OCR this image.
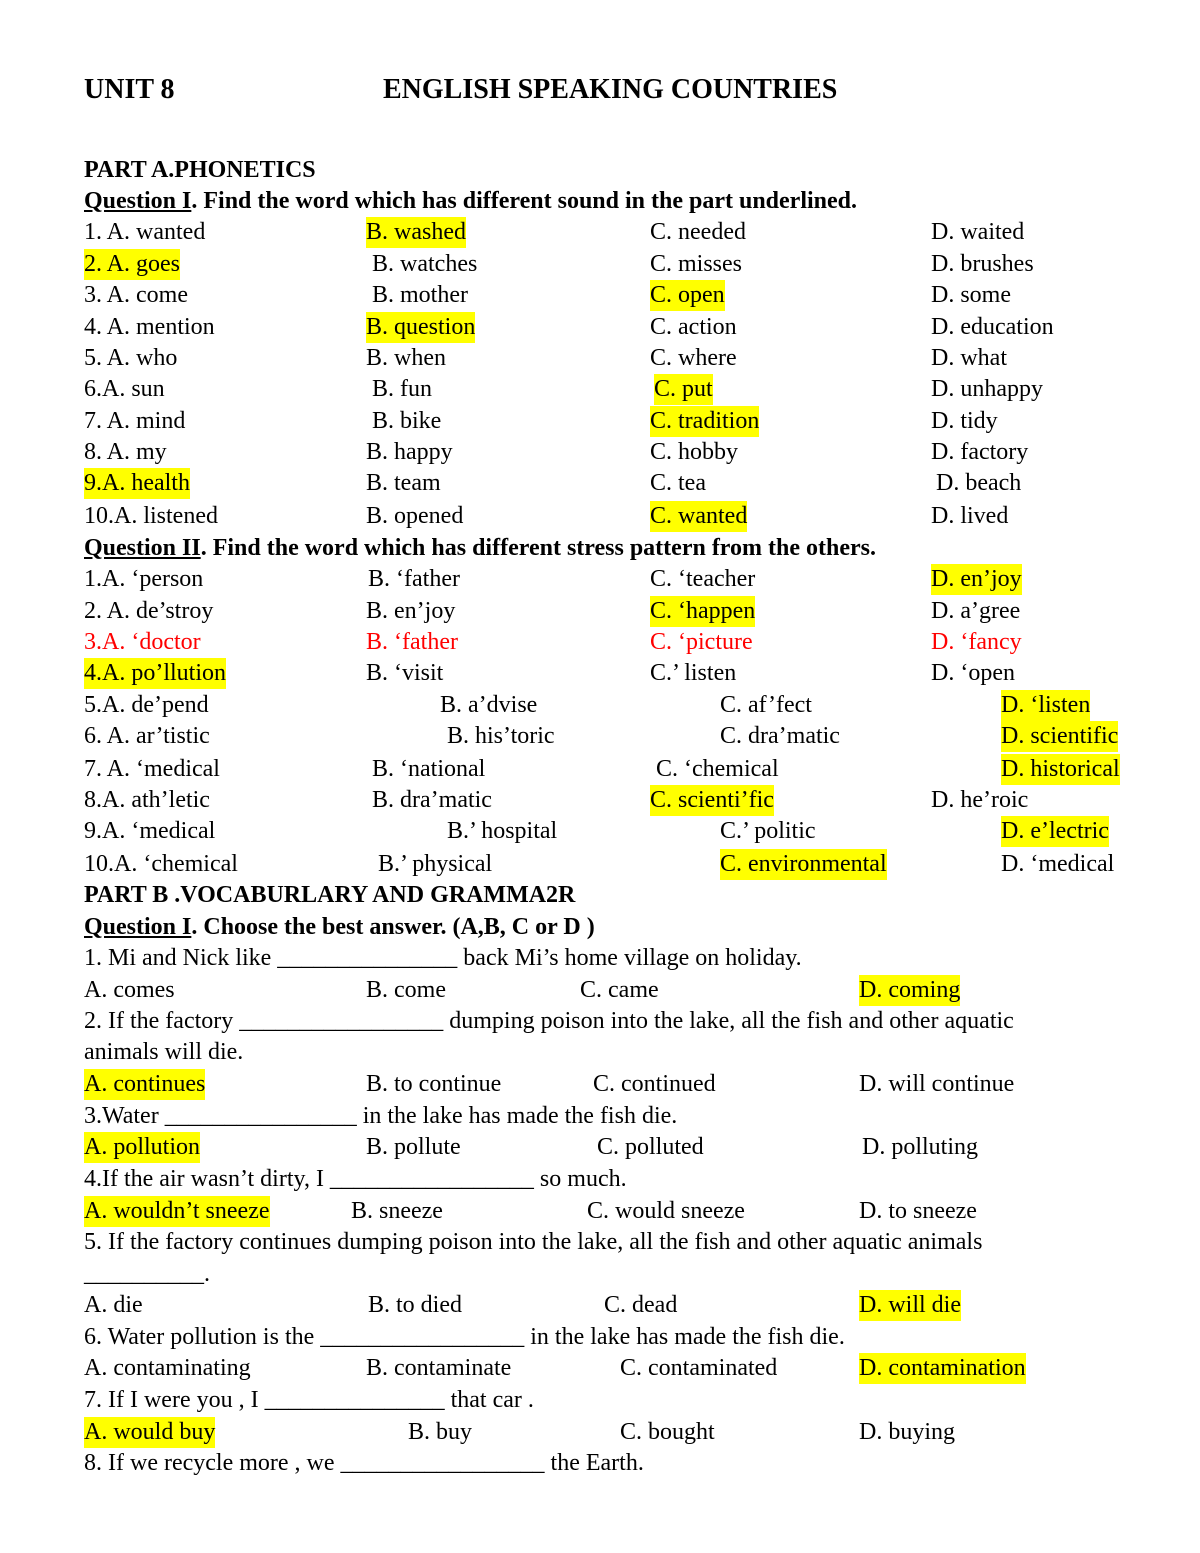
UNIT 8	ENGLISH SPEAKING COUNTRIES
PART A.PHONETICS
Question I. Find the word which has different sound in the part underlined.
1. A. wanted	B. washed	C. needed	D. waited
2. A. goes	B. watches	C. misses	D. brushes
3. A. come	B. mother	C. open	D. some
4. A. mention	B. question	C. action	D. education
5. A. who	B. when	C. where	D. what
6.A. sun	B. fun	C. put	D. unhappy
7. A. mind	B. bike	C. tradition	D. tidy
8. A. my	B. happy	C. hobby	D. factory
9.A. health	B. team	C. tea	D. beach
10.A. listened	B. opened	C. wanted	D. lived
Question II. Find the word which has different stress pattern from the others.
1.A. ‘person	B. ‘father	C. ‘teacher	D. en’joy
2. A. de’stroy	B. en’joy	C. ‘happen	D. a’gree
3.A. ‘doctor	B. ‘father	C. ‘picture	D. ‘fancy
4.A. po’llution	B. ‘visit	C.’ listen	D. ‘open
5.A. de’pend	B. a’dvise	C. af’fect	D. ‘listen
6. A. ar’tistic	B. his’toric	C. dra’matic	D. scientific
7. A. ‘medical	B. ‘national	C. ‘chemical	D. historical
8.A. ath’letic	B. dra’matic	C. scienti’fic	D. he’roic
9.A. ‘medical	B.’ hospital	C.’ politic	D. e’lectric
10.A. ‘chemical	B.’ physical	C. environmental	D. ‘medical
PART B .VOCABURLARY AND GRAMMA2R
Question I. Choose the best answer. (A,B, C or D )
1. Mi and Nick like _______________ back Mi’s home village on holiday.
A. comes	B. come	C. came	D. coming
2. If the factory _________________ dumping poison into the lake, all the fish and other aquatic
animals will die.
A. continues	B. to continue	C. continued	D. will continue
3.Water ________________ in the lake has made the fish die.
A. pollution	B. pollute	C. polluted	D. polluting
4.If the air wasn’t dirty, I _________________ so much.
A. wouldn’t sneeze	B. sneeze	C. would sneeze	D. to sneeze
5. If the factory continues dumping poison into the lake, all the fish and other aquatic animals
__________.
A. die	B. to died	C. dead	D. will die
6. Water pollution is the _________________ in the lake has made the fish die.
A. contaminating	B. contaminate	C. contaminated	D. contamination
7. If I were you , I _______________ that car .
A. would buy	B. buy	C. bought	D. buying
8. If we recycle more , we _________________ the Earth.
